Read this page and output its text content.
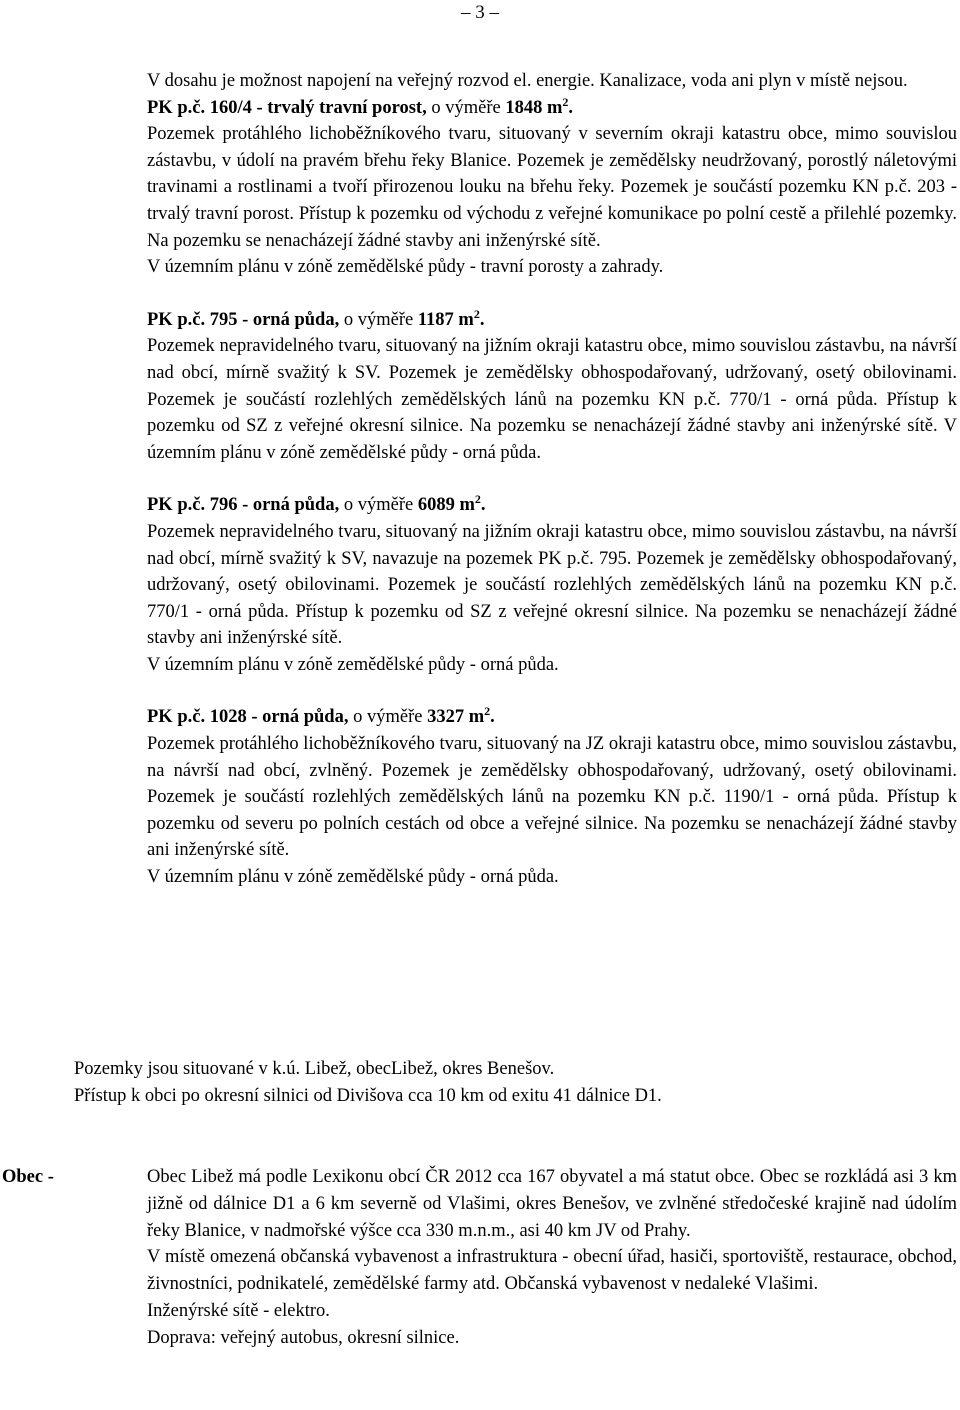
– 3 –

V dosahu je možnost napojení na veřejný rozvod el. energie. Kanalizace, voda ani plyn v místě nejsou.

PK p.č. 160/4 - trvalý travní porost, o výměře 1848 $m^2$.

Pozemek protáhlého lichoběžníkového tvaru, situovaný v severním okraji katastru obce, mimo souvislou zástavbu, v údolí na pravém břehu řeky Blanice. Pozemek je zemědělsky neudržovaný, porostlý náletovými travinami a rostlinami a tvoří přirozenou louku na břehu řeky. Pozemek je součástí pozemku KN p.č. 203 - trvalý travní porost. Přístup k pozemku od východu z veřejné komunikace po polní cestě a přilehlé pozemky. Na pozemku se nenacházejí žádné stavby ani inženýrské sítě.

V územním plánu v zóně zemědělské půdy - travní porosty a zahrady.

PK p.č. 795 - orná půda, o výměře 1187 $m^2$.

Pozemek nepravidelného tvaru, situovaný na jižním okraji katastru obce, mimo souvislou zástavbu, na návrší nad obcí, mírně svažitý k SV. Pozemek je zemědělsky obhospodařovaný, udržovaný, osetý obilovinami. Pozemek je součástí rozlehlých zemědělských lánů na pozemku KN p.č. 770/1 - orná půda. Přístup k pozemku od SZ z veřejné okresní silnice. Na pozemku se nenacházejí žádné stavby ani inženýrské sítě. V územním plánu v zóně zemědělské půdy - orná půda.

PK p.č. 796 - orná půda, o výměře 6089 $m^2$.

Pozemek nepravidelného tvaru, situovaný na jižním okraji katastru obce, mimo souvislou zástavbu, na návrší nad obcí, mírně svažitý k SV, navazuje na pozemek PK p.č. 795. Pozemek je zemědělsky obhospodařovaný, udržovaný, osetý obilovinami. Pozemek je součástí rozlehlých zemědělských lánů na pozemku KN p.č. 770/1 - orná půda. Přístup k pozemku od SZ z veřejné okresní silnice. Na pozemku se nenacházejí žádné stavby ani inženýrské sítě.

V územním plánu v zóně zemědělské půdy - orná půda.

PK p.č. 1028 - orná půda, o výměře 3327 $m^2$.

Pozemek protáhlého lichoběžníkového tvaru, situovaný na JZ okraji katastru obce, mimo souvislou zástavbu, na návrší nad obcí, zvlněný. Pozemek je zemědělsky obhospodařovaný, udržovaný, osetý obilovinami. Pozemek je součástí rozlehlých zemědělských lánů na pozemku KN p.č. 1190/1 - orná půda. Přístup k pozemku od severu po polních cestách od obce a veřejné silnice. Na pozemku se nenacházejí žádné stavby ani inženýrské sítě.

V územním plánu v zóně zemědělské půdy - orná půda.

Pozemky jsou situované v k.ú. Libež, obecLibež, okres Benešov.

Přístup k obci po okresní silnici od Divišova cca 10 km od exitu 41 dálnice D1.

Obec -	Obec Libež má podle Lexikonu obcí ČR 2012 cca 167 obyvatel a má statut obce. Obec se rozkládá asi 3 km jižně od dálnice D1 a 6 km severně od Vlašimi, okres Benešov, ve zvlněné středočeské krajině nad údolím řeky Blanice, v nadmořské výšce cca 330 m.n.m., asi 40 km JV od Prahy.

V místě omezená občanská vybavenost a infrastruktura - obecní úřad, hasiči, sportoviště, restaurace, obchod, živnostníci, podnikatelé, zemědělské farmy atd. Občanská vybavenost v nedaleké Vlašimi.

Inženýrské sítě - elektro.

Doprava: veřejný autobus, okresní silnice.
